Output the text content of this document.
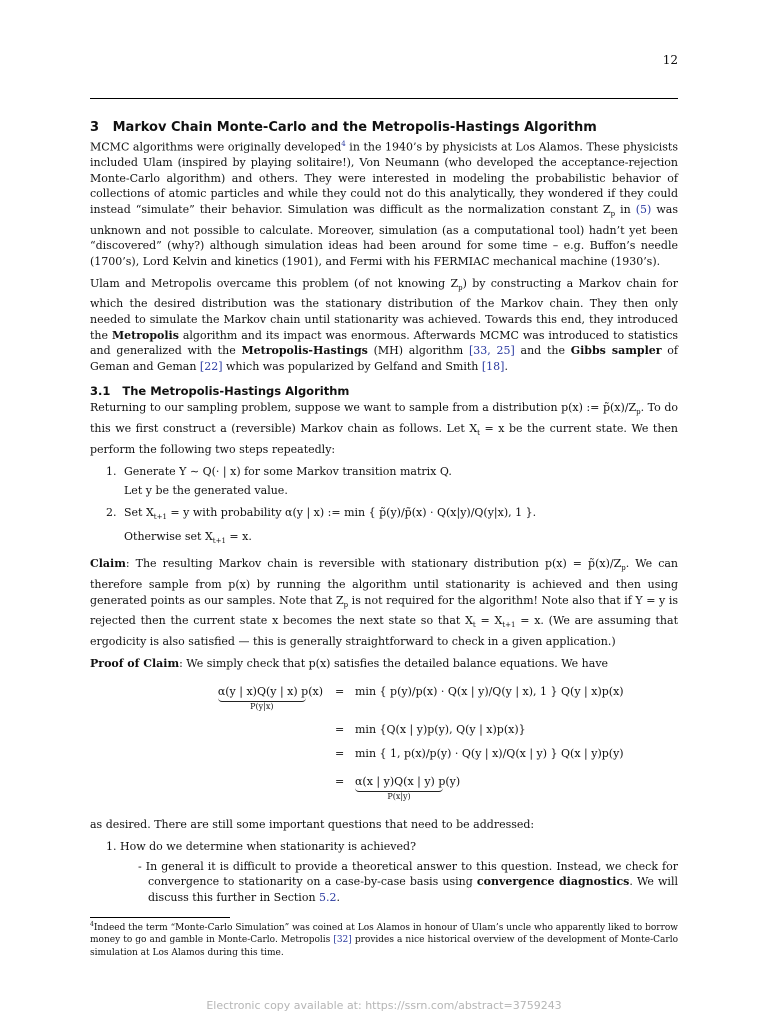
12
3 Markov Chain Monte-Carlo and the Metropolis-Hastings Algorithm

MCMC algorithms were originally developed$^4$ in the 1940’s by physicists at Los Alamos. These physicists included Ulam (inspired by playing solitaire!), Von Neumann (who developed the acceptance-rejection Monte-Carlo algorithm) and others. They were interested in modeling the probabilistic behavior of collections of atomic particles and while they could not do this analytically, they wondered if they could instead “simulate” their behavior. Simulation was difficult as the normalization constant $Z_p$ in (5) was unknown and not possible to calculate. Moreover, simulation (as a computational tool) hadn’t yet been “discovered” (why?) although simulation ideas had been around for some time – e.g. Buffon’s needle (1700’s), Lord Kelvin and kinetics (1901), and Fermi with his FERMIAC mechanical machine (1930’s).

Ulam and Metropolis overcame this problem (of not knowing $Z_p$) by constructing a Markov chain for which the desired distribution was the stationary distribution of the Markov chain. They then only needed to simulate the Markov chain until stationarity was achieved. Towards this end, they introduced the Metropolis algorithm and its impact was enormous. Afterwards MCMC was introduced to statistics and generalized with the Metropolis-Hastings (MH) algorithm [33, 25] and the Gibbs sampler of Geman and Geman [22] which was popularized by Gelfand and Smith [18].

3.1 The Metropolis-Hastings Algorithm

Returning to our sampling problem, suppose we want to sample from a distribution p(x) := $p̃(x)/Z_p$. To do this we first construct a (reversible) Markov chain as follows. Let $X_t = x$ be the current state. We then perform the following two steps repeatedly:

1. Generate Y ∼ Q(· | x) for some Markov transition matrix Q.
Let y be the generated value.
2. Set $X_{t+1} = y$ with probability α(y | x) := min { p̃(y)/p̃(x) · Q(x|y)/Q(y|x), 1 }.
Otherwise set $X_{t+1} = x$.

Claim: The resulting Markov chain is reversible with stationary distribution $p(x) = p̃(x)/Z_p$. We can therefore sample from p(x) by running the algorithm until stationarity is achieved and then using generated points as our samples. Note that $Z_p$ is not required for the algorithm! Note also that if Y = y is rejected then the current state x becomes the next state so that $X_t = X_{t+1} = x$. (We are assuming that ergodicity is also satisfied — this is generally straightforward to check in a given application.)

Proof of Claim: We simply check that p(x) satisfies the detailed balance equations. We have

α(y | x)Q(y | x) p(x)
P(y|x)
= min { p(y)/p(x) · Q(x | y)/Q(y | x), 1 } Q(y | x)p(x)
= min {Q(x | y)p(y), Q(y | x)p(x)}
= min { 1, p(x)/p(y) · Q(y | x)/Q(x | y) } Q(x | y)p(y)
= α(x | y)Q(x | y) p(y)
P(x|y)

as desired. There are still some important questions that need to be addressed:

1. How do we determine when stationarity is achieved?
- In general it is difficult to provide a theoretical answer to this question. Instead, we check for convergence to stationarity on a case-by-case basis using convergence diagnostics. We will discuss this further in Section 5.2.
$^4$Indeed the term “Monte-Carlo Simulation” was coined at Los Alamos in honour of Ulam’s uncle who apparently liked to borrow money to go and gamble in Monte-Carlo. Metropolis [32] provides a nice historical overview of the development of Monte-Carlo simulation at Los Alamos during this time.
Electronic copy available at: https://ssrn.com/abstract=3759243
